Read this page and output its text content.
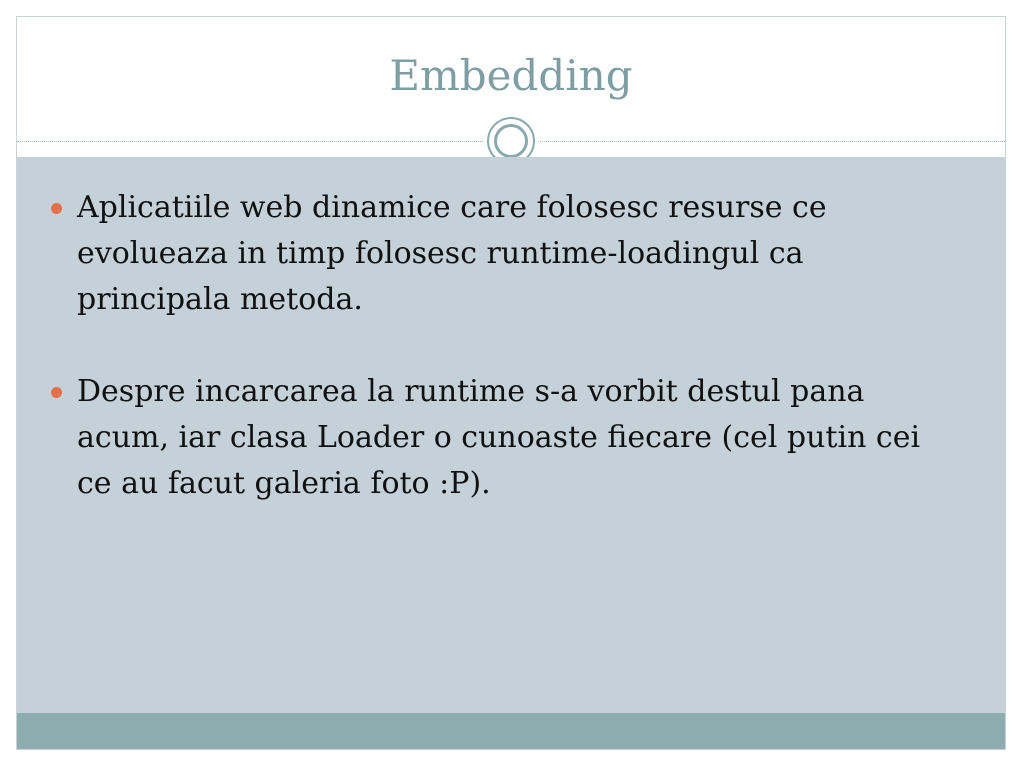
Embedding
Aplicatiile web dinamice care folosesc resurse ce evolueaza in timp folosesc runtime-loadingul ca principala metoda.
Despre incarcarea la runtime s-a vorbit destul pana acum, iar clasa Loader o cunoaste fiecare (cel putin cei ce au facut galeria foto :P).
